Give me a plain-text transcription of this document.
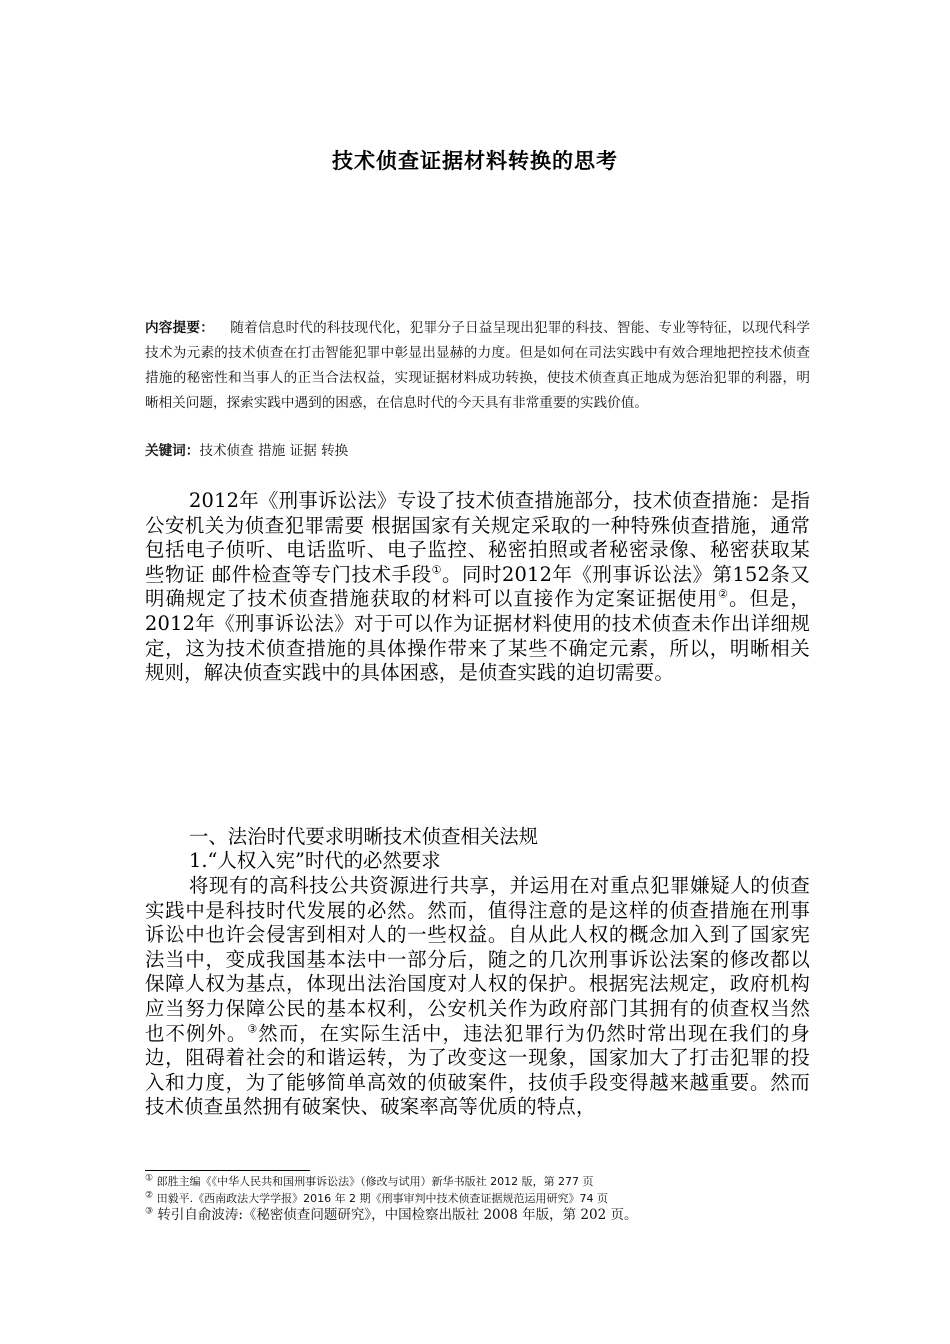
技术侦查证据材料转换的思考
内容提要： 随着信息时代的科技现代化，犯罪分子日益呈现出犯罪的科技、智能、专业等特征，以现代科学技术为元素的技术侦查在打击智能犯罪中彰显出显赫的力度。但是如何在司法实践中有效合理地把控技术侦查措施的秘密性和当事人的正当合法权益，实现证据材料成功转换，使技术侦查真正地成为惩治犯罪的利器，明晰相关问题，探索实践中遇到的困惑，在信息时代的今天具有非常重要的实践价值。
关键词：技术侦查 措施 证据 转换
2012年《刑事诉讼法》专设了技术侦查措施部分，技术侦查措施：是指公安机关为侦查犯罪需要 根据国家有关规定采取的一种特殊侦查措施，通常包括电子侦听、电话监听、电子监控、秘密拍照或者秘密录像、秘密获取某些物证 邮件检查等专门技术手段①。同时2012年《刑事诉讼法》第152条又明确规定了技术侦查措施获取的材料可以直接作为定案证据使用②。但是，2012年《刑事诉讼法》对于可以作为证据材料使用的技术侦查未作出详细规定，这为技术侦查措施的具体操作带来了某些不确定元素，所以，明晰相关规则，解决侦查实践中的具体困惑，是侦查实践的迫切需要。
一、法治时代要求明晰技术侦查相关法规
1.“人权入宪”时代的必然要求
将现有的高科技公共资源进行共享，并运用在对重点犯罪嫌疑人的侦查实践中是科技时代发展的必然。然而，值得注意的是这样的侦查措施在刑事诉讼中也许会侵害到相对人的一些权益。自从此人权的概念加入到了国家宪法当中，变成我国基本法中一部分后，随之的几次刑事诉讼法案的修改都以保障人权为基点，体现出法治国度对人权的保护。根据宪法规定，政府机构应当努力保障公民的基本权利，公安机关作为政府部门其拥有的侦查权当然也不例外。③然而，在实际生活中，违法犯罪行为仍然时常出现在我们的身边，阻碍着社会的和谐运转，为了改变这一现象，国家加大了打击犯罪的投入和力度，为了能够简单高效的侦破案件，技侦手段变得越来越重要。然而技术侦查虽然拥有破案快、破案率高等优质的特点，
① 郎胜主编《《中华人民共和国刑事诉讼法》（修改与试用）新华书版社 2012 版，第 277 页
② 田毅平.《西南政法大学学报》2016 年 2 期《刑事审判中技术侦查证据规范运用研究》74 页
③ 转引自俞波涛:《秘密侦查问题研究》，中国检察出版社 2008 年版，第 202 页。
